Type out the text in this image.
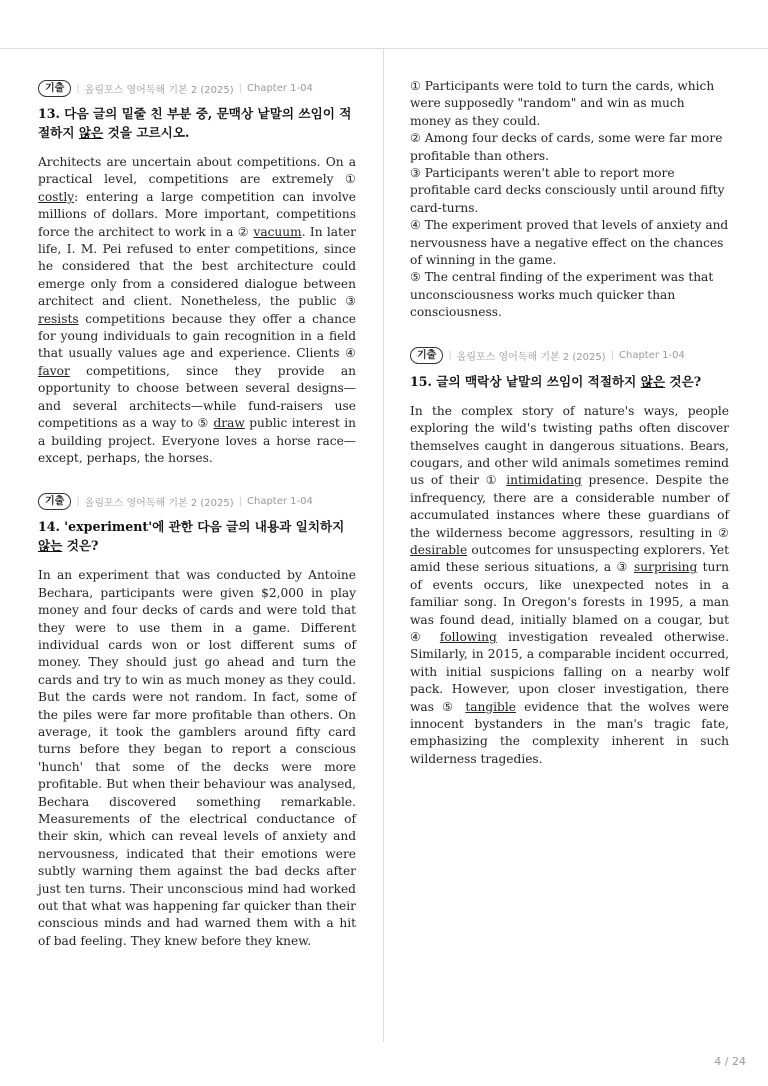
기출	| 올림포스 영어독해 기본 2 (2025) | Chapter 1-04
13. 다음 글의 밑줄 친 부분 중, 문맥상 낱말의 쓰임이 적절하지 않은 것을 고르시오.

Architects are uncertain about competitions. On a practical level, competitions are extremely ① costly: entering a large competition can involve millions of dollars. More important, competitions force the architect to work in a ② vacuum. In later life, I. M. Pei refused to enter competitions, since he considered that the best architecture could emerge only from a considered dialogue between architect and client. Nonetheless, the public ③ resists competitions because they offer a chance for young individuals to gain recognition in a field that usually values age and experience. Clients ④ favor competitions, since they provide an opportunity to choose between several designs—and several architects—while fund-raisers use competitions as a way to ⑤ draw public interest in a building project. Everyone loves a horse race—except, perhaps, the horses.

기출	| 올림포스 영어독해 기본 2 (2025) | Chapter 1-04
14. 'experiment'에 관한 다음 글의 내용과 일치하지 않는 것은?

In an experiment that was conducted by Antoine Bechara, participants were given $2,000 in play money and four decks of cards and were told that they were to use them in a game. Different individual cards won or lost different sums of money. They should just go ahead and turn the cards and try to win as much money as they could. But the cards were not random. In fact, some of the piles were far more profitable than others. On average, it took the gamblers around fifty card turns before they began to report a conscious 'hunch' that some of the decks were more profitable. But when their behaviour was analysed, Bechara discovered something remarkable. Measurements of the electrical conductance of their skin, which can reveal levels of anxiety and nervousness, indicated that their emotions were subtly warning them against the bad decks after just ten turns. Their unconscious mind had worked out that what was happening far quicker than their conscious minds and had warned them with a hit of bad feeling. They knew before they knew.

① Participants were told to turn the cards, which were supposedly "random" and win as much money as they could.

② Among four decks of cards, some were far more profitable than others.

③ Participants weren't able to report more profitable card decks consciously until around fifty card-turns.

④ The experiment proved that levels of anxiety and nervousness have a negative effect on the chances of winning in the game.

⑤ The central finding of the experiment was that unconsciousness works much quicker than consciousness.

기출	| 올림포스 영어독해 기본 2 (2025) | Chapter 1-04
15. 글의 맥락상 낱말의 쓰임이 적절하지 않은 것은?

In the complex story of nature's ways, people exploring the wild's twisting paths often discover themselves caught in dangerous situations. Bears, cougars, and other wild animals sometimes remind us of their ① intimidating presence. Despite the infrequency, there are a considerable number of accumulated instances where these guardians of the wilderness become aggressors, resulting in ② desirable outcomes for unsuspecting explorers. Yet amid these serious situations, a ③ surprising turn of events occurs, like unexpected notes in a familiar song. In Oregon's forests in 1995, a man was found dead, initially blamed on a cougar, but ④ following investigation revealed otherwise. Similarly, in 2015, a comparable incident occurred, with initial suspicions falling on a nearby wolf pack. However, upon closer investigation, there was ⑤ tangible evidence that the wolves were innocent bystanders in the man's tragic fate, emphasizing the complexity inherent in such wilderness tragedies.

4 / 24
